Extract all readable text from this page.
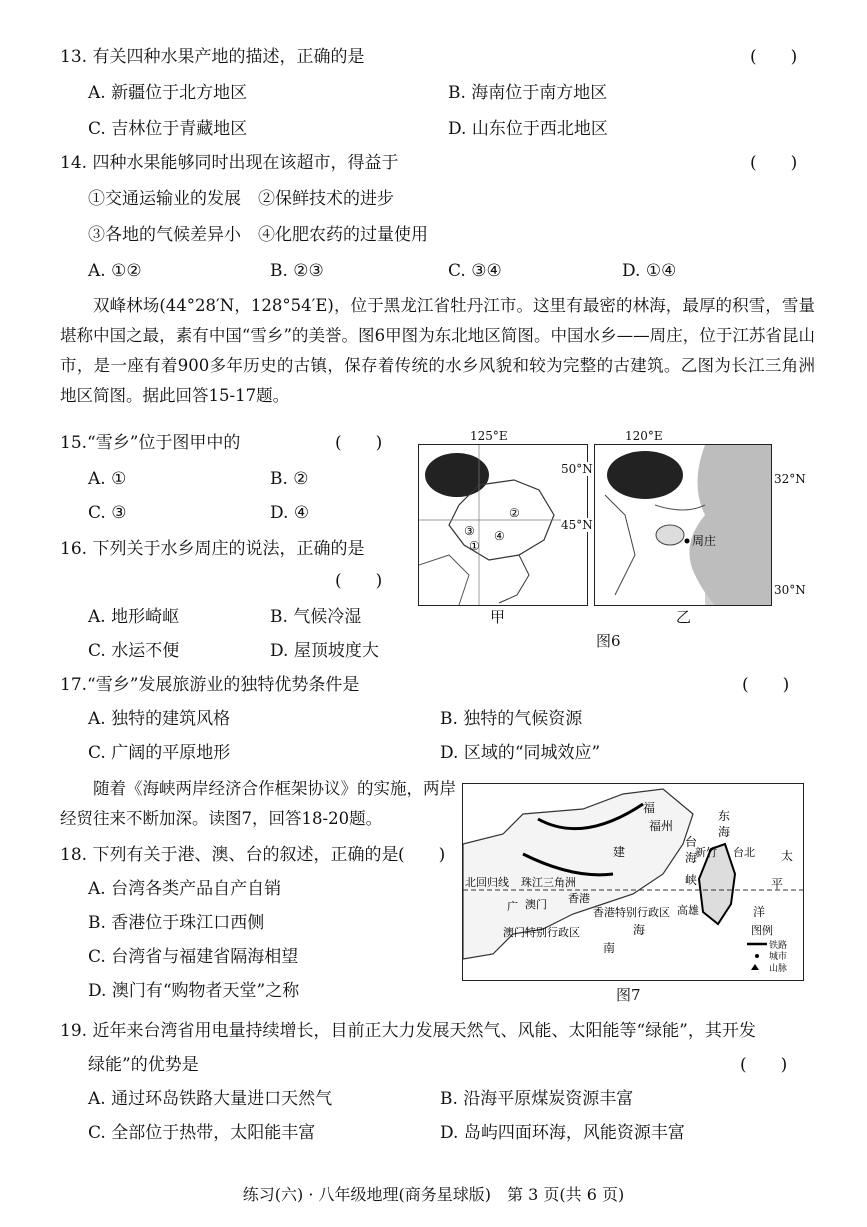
13. 有关四种水果产地的描述，正确的是	(　　)
A. 新疆位于北方地区	B. 海南位于南方地区
C. 吉林位于青藏地区	D. 山东位于西北地区
14. 四种水果能够同时出现在该超市，得益于	(　　)
①交通运输业的发展　②保鲜技术的进步
③各地的气候差异小　④化肥农药的过量使用
A. ①②	B. ②③	C. ③④	D. ①④
双峰林场(44°28′N，128°54′E)，位于黑龙江省牡丹江市。这里有最密的林海，最厚的积雪，雪量堪称中国之最，素有中国“雪乡”的美誉。图6甲图为东北地区简图。中国水乡——周庄，位于江苏省昆山市，是一座有着900多年历史的古镇，保存着传统的水乡风貌和较为完整的古建筑。乙图为长江三角洲地区简图。据此回答15-17题。
15.“雪乡”位于图甲中的	(　　)
A. ①	B. ②
C. ③	D. ④
16. 下列关于水乡周庄的说法，正确的是
(　　)
A. 地形崎岖	B. 气候冷湿
C. 水运不便	D. 屋顶坡度大
125°E	120°E
②
③ ④
①
50°N
45°N
周庄
32°N
30°N
甲	乙
图6
17.“雪乡”发展旅游业的独特优势条件是	(　　)
A. 独特的建筑风格	B. 独特的气候资源
C. 广阔的平原地形	D. 区域的“同城效应”
随着《海峡两岸经济合作框架协议》的实施，两岸经贸往来不断加深。读图7，回答18-20题。
福
福州
建
东
海
台
海
峡
新竹 台北
高雄
太
平
洋
北回归线 珠江三角洲
广 澳门 香港
澳门特别行政区
香港特别行政区
海
南
图例
铁路
城市
山脉
图7
18. 下列有关于港、澳、台的叙述，正确的是 (　　)
A. 台湾各类产品自产自销
B. 香港位于珠江口西侧
C. 台湾省与福建省隔海相望
D. 澳门有“购物者天堂”之称
19. 近年来台湾省用电量持续增长，目前正大力发展天然气、风能、太阳能等“绿能”，其开发
绿能”的优势是	(　　)
A. 通过环岛铁路大量进口天然气	B. 沿海平原煤炭资源丰富
C. 全部位于热带，太阳能丰富	D. 岛屿四面环海，风能资源丰富
练习(六) · 八年级地理(商务星球版)　第 3 页(共 6 页)
